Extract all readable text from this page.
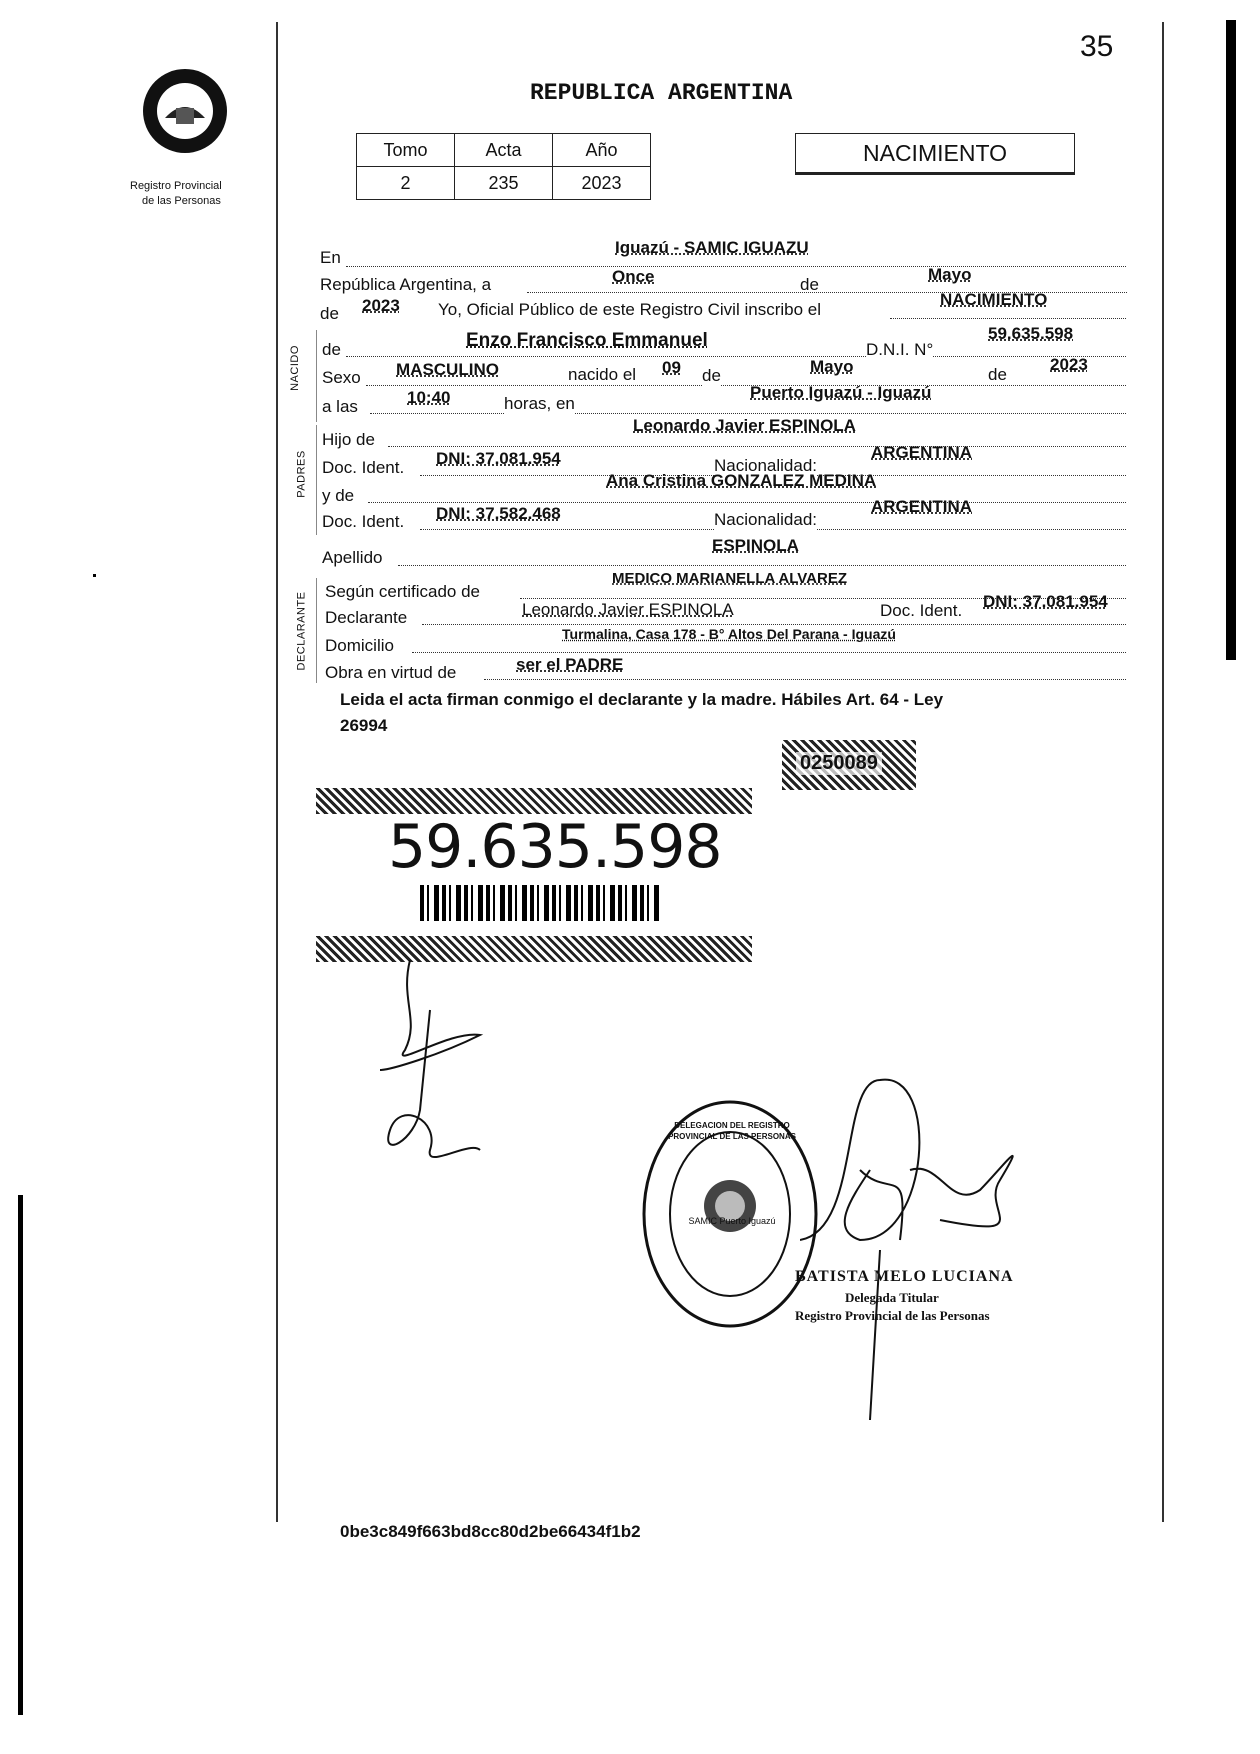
35
Registro Provincial
de las Personas
REPUBLICA ARGENTINA
Tomo	Acta	Año
2	235	2023
NACIMIENTO
En
Iguazú - SAMIC IGUAZU
República Argentina, a	Once	de
Mayo
de 2023 Yo, Oficial Público de este Registro Civil inscribo el
NACIMIENTO
NACIDO de	Enzo Francisco Emmanuel	D.N.I. N°
59.635.598
Sexo MASCULINO	nacido el 09 de	Mayo	de
2023
a las	10:40	horas, en
Puerto Iguazú - Iguazú
PADRES
Hijo de
Leonardo Javier ESPINOLA
Doc. Ident. DNI: 37.081.954	Nacionalidad:
ARGENTINA
y de
Ana Cristina GONZALEZ MEDINA
Doc. Ident. DNI: 37.582.468	Nacionalidad:
ARGENTINA
Apellido
ESPINOLA
DECLARANTE
Según certificado de
MEDICO MARIANELLA ALVAREZ
Declarante	Leonardo Javier ESPINOLA	Doc. Ident. DNI: 37.081.954
Domicilio
Turmalina, Casa 178 - B° Altos Del Parana - Iguazú
Obra en virtud de	ser el PADRE
Leida el acta firman conmigo el declarante y la madre. Hábiles Art. 64 - Ley
26994
0250089
59.635.598
DELEGACION DEL REGISTRO PROVINCIAL DE LAS PERSONAS
SAMIC Puerto Iguazú
BATISTA MELO LUCIANA
Delegada Titular
Registro Provincial de las Personas
0be3c849f663bd8cc80d2be66434f1b2
